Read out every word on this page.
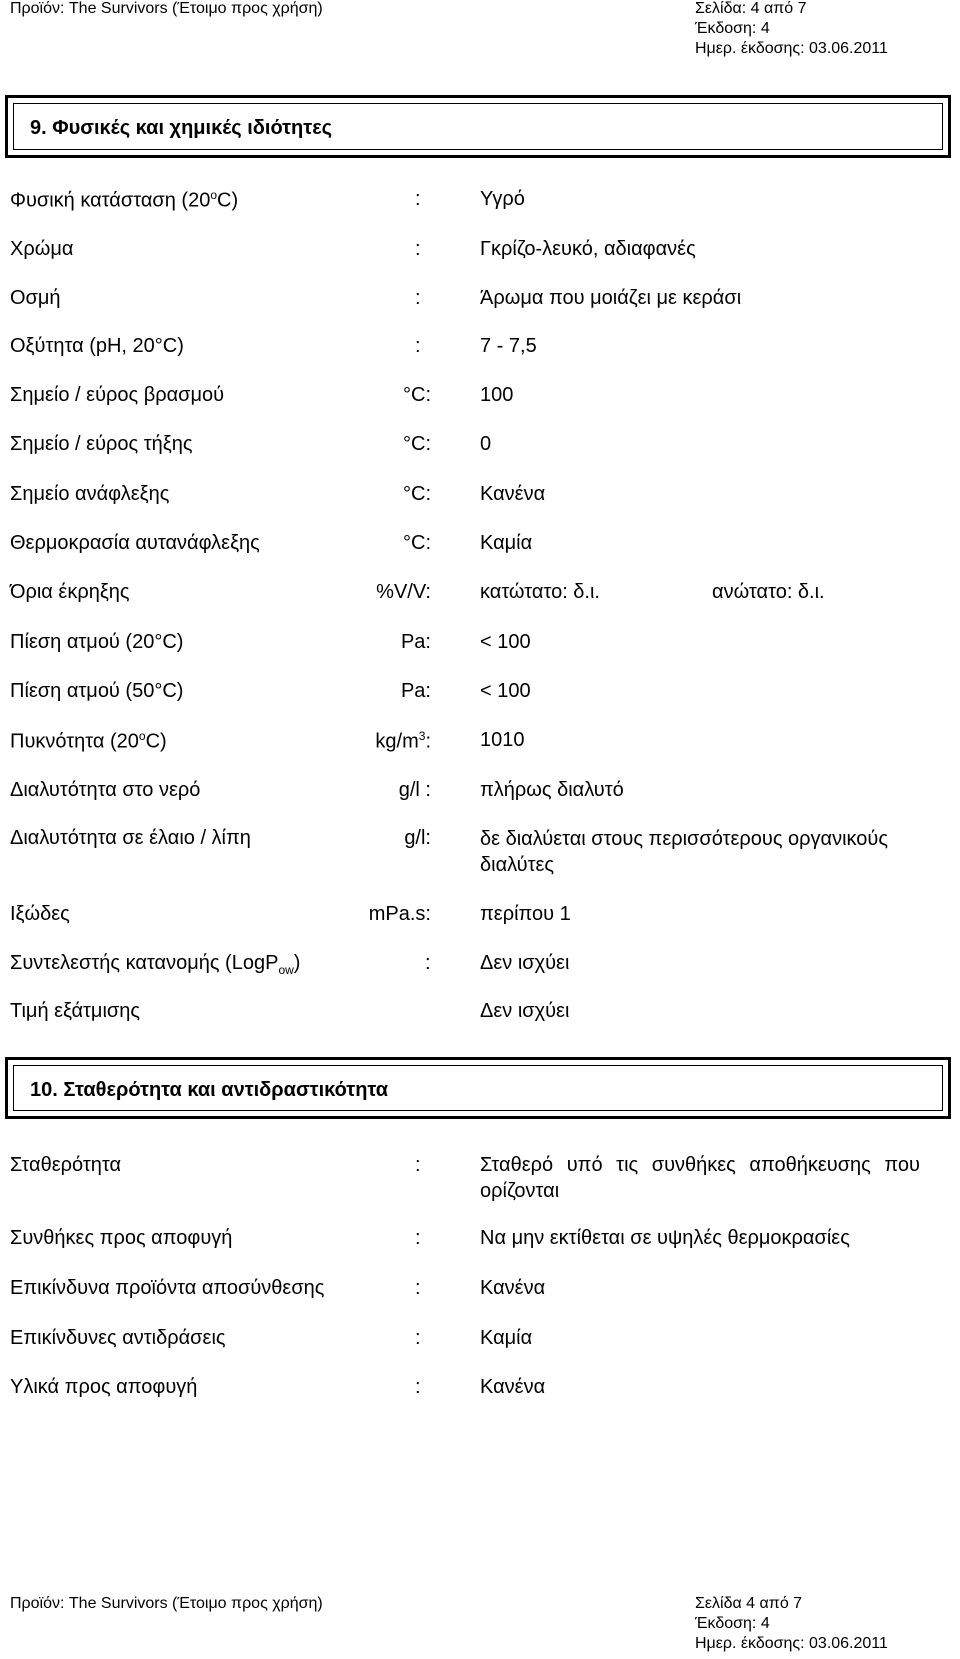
Προϊόν: The Survivors (Έτοιμο προς χρήση)	Σελίδα: 4 από 7
Έκδοση: 4
Ημερ. έκδοσης: 03.06.2011
9. Φυσικές και χημικές ιδιότητες
Φυσική κατάσταση (20$^o$C)	:	Υγρό
Χρώμα	:	Γκρίζο-λευκό, αδιαφανές
Οσμή	:	Άρωμα που μοιάζει με κεράσι
Οξύτητα (pH, 20°C)	:	7 - 7,5
Σημείο / εύρος βρασμού	°C: 100
Σημείο / εύρος τήξης	°C: 0
Σημείο ανάφλεξης	°C: Κανένα
Θερμοκρασία αυτανάφλεξης	°C: Καμία
Όρια έκρηξης	%V/V: κατώτατο: δ.ι.	ανώτατο: δ.ι.
Πίεση ατμού (20°C)	Pa: < 100
Πίεση ατμού (50°C)	Pa: < 100
Πυκνότητα (20$^o$C)	$kg/m^3$: 1010
Διαλυτότητα στο νερό	g/l : πλήρως διαλυτό
Διαλυτότητα σε έλαιο / λίπη	g/l: δε διαλύεται στους περισσότερους οργανικούς διαλύτες
Ιξώδες	mPa.s: περίπου 1
Συντελεστής κατανομής (LogP$_{ow}$)	: Δεν ισχύει
Τιμή εξάτμισης	Δεν ισχύει
10. Σταθερότητα και αντιδραστικότητα
Σταθερότητα	:	Σταθερό υπό τις συνθήκες αποθήκευσης που ορίζονται
Συνθήκες προς αποφυγή	:	Να μην εκτίθεται σε υψηλές θερμοκρασίες
Επικίνδυνα προϊόντα αποσύνθεσης	:	Κανένα
Επικίνδυνες αντιδράσεις	:	Καμία
Υλικά προς αποφυγή	:	Κανένα
Προϊόν: The Survivors (Έτοιμο προς χρήση)	Σελίδα 4 από 7
Έκδοση: 4
Ημερ. έκδοσης: 03.06.2011
